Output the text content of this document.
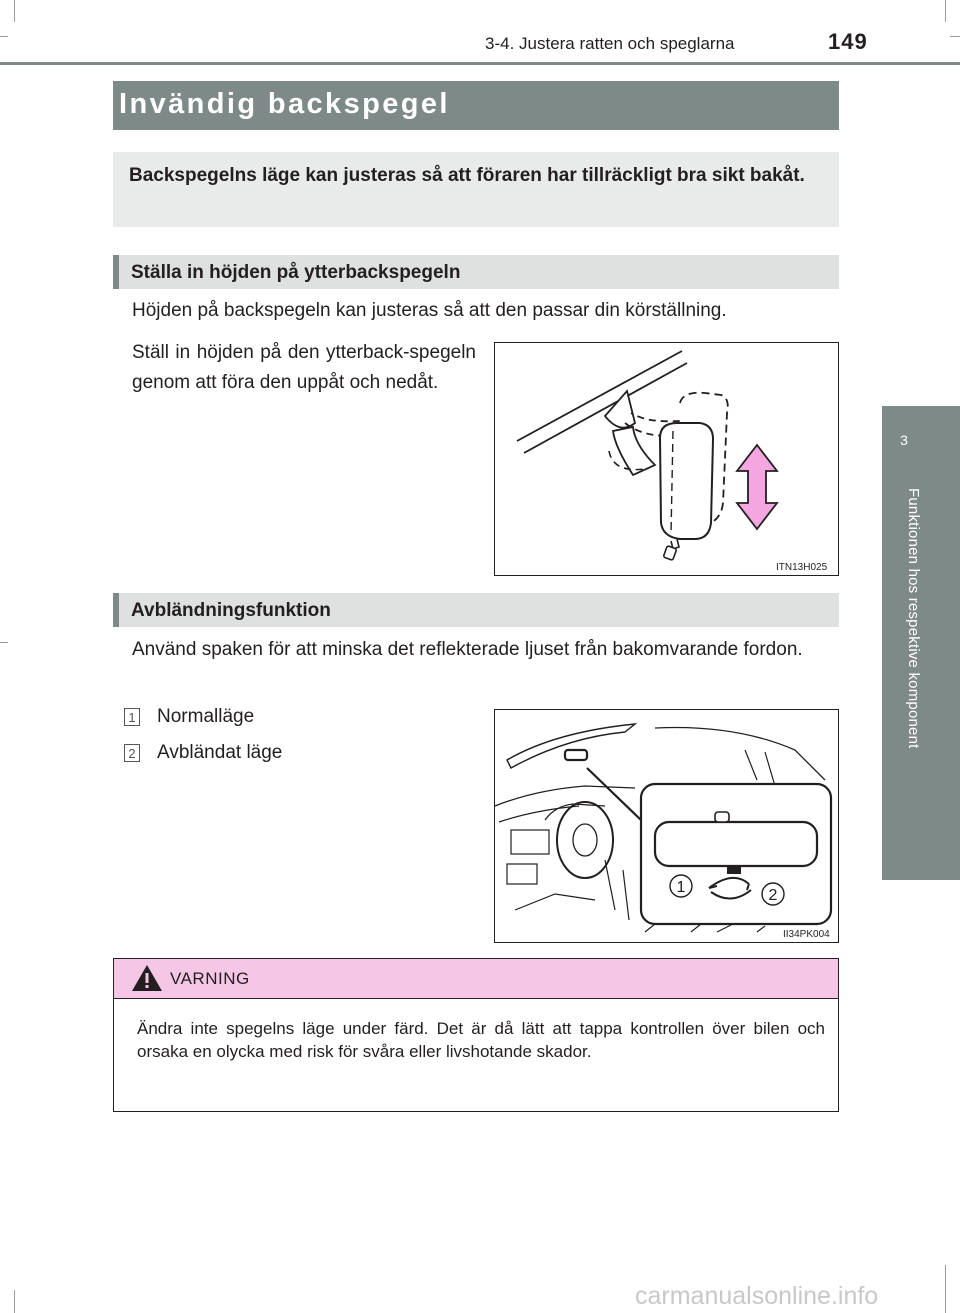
3-4. Justera ratten och speglarna	149
3
Funktionen hos respektive komponent
Invändig backspegel
Backspegelns läge kan justeras så att föraren har tillräckligt bra sikt bakåt.
Ställa in höjden på ytterbackspegeln
Höjden på backspegeln kan justeras så att den passar din körställning.
Ställ in höjden på den ytterback-spegeln genom att föra den uppåt och nedåt.
ITN13H025
Avbländningsfunktion
Använd spaken för att minska det reflekterade ljuset från bakomvarande fordon.
1 Normalläge
2 Avbländat läge
1	2
II34PK004
VARNING
Ändra inte spegelns läge under färd. Det är då lätt att tappa kontrollen över bilen och orsaka en olycka med risk för svåra eller livshotande skador.
carmanualsonline.info
